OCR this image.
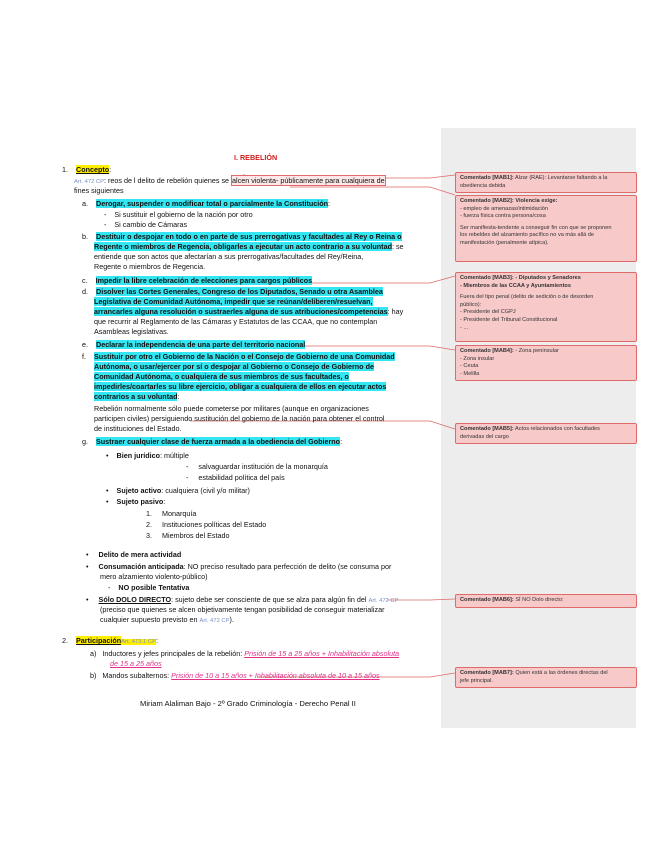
I. REBELIÓN
1. Concepto:
Art. 472 CP: reos de l delito de rebelión quienes se alcen violenta- públicamente para cualquiera de
fines siguientes
a. Derogar, suspender o modificar total o parcialmente la Constitución:
- Si sustituir el gobierno de la nación por otro
- Si cambio de Cámaras
b. Destituir o despojar en todo o en parte de sus prerrogativas y facultades al Rey o Reina o
Regente o miembros de Regencia, obligarles a ejecutar un acto contrario a su voluntad: se
entiende que son actos que afectarían a sus prerrogativas/facultades del Rey/Reina,
Regente o miembros de Regencia.
c. Impedir la libre celebración de elecciones para cargos públicos
d. Disolver las Cortes Generales, Congreso de los Diputados, Senado u otra Asamblea
Legislativa de Comunidad Autónoma, impedir que se reúnan/deliberen/resuelvan,
arrancarles alguna resolución o sustraerles alguna de sus atribuciones/competencias: hay
que recurrir al Reglamento de las Cámaras y Estatutos de las CCAA, que no contemplan
Asambleas legislativas.
e. Declarar la independencia de una parte del territorio nacional
f. Sustituir por otro el Gobierno de la Nación o el Consejo de Gobierno de una Comunidad
Autónoma, o usar/ejercer por sí o despojar al Gobierno o Consejo de Gobierno de
Comunidad Autónoma, o cualquiera de sus miembros de sus facultades, o
impedirles/coartarles su libre ejercicio, obligar a cualquiera de ellos en ejecutar actos
contrarios a su voluntad:
Rebelión normalmente sólo puede cometerse por militares (aunque en organizaciones
participen civiles) persiguiendo sustitución del gobierno de la nación para obtener el control
de instituciones del Estado.
g. Sustraer cualquier clase de fuerza armada a la obediencia del Gobierno:
• Bien jurídico: múltiple
- salvaguardar institución de la monarquía
- estabilidad política del país
• Sujeto activo: cualquiera (civil y/o militar)
• Sujeto pasivo:
1. Monarquía
2. Instituciones políticas del Estado
3. Miembros del Estado
• Delito de mera actividad
• Consumación anticipada: NO preciso resultado para perfección de delito (se consuma por
mero alzamiento violento-público)
- NO posible Tentativa
• Sólo DOLO DIRECTO: sujeto debe ser consciente de que se alza para algún fin del Art. 472 CP
(preciso que quienes se alcen objetivamente tengan posibilidad de conseguir materializar
cualquier supuesto previsto en Art. 472 CP).
2. ParticipaciónArt. 473.1 CP:
a) Inductores y jefes principales de la rebelión: Prisión de 15 a 25 años + Inhabilitación absoluta
de 15 a 25 años
b) Mandos subalternos: Prisión de 10 a 15 años + Inhabilitación absoluta de 10 a 15 años
Miriam Alaliman Bajo - 2º Grado Criminología - Derecho Penal II
Comentado [MAB1]: Alzar (RAE): Levantarse faltando a la
obediencia debida
Comentado [MAB2]: Violencia exige:
- empleo de amenazas/intimidación
- fuerza física contra persona/cosa
Ser manifiesta-tendente a conseguir fin con que se proponen
los rebeldes del alzamiento pacífico no va más allá de
manifestación (penalmente atípica).
Comentado [MAB3]: - Diputados y Senadores
- Miembros de las CCAA y Ayuntamientos
Fuera del tipo penal (delito de sedición o de desorden
público):
- Presidente del CGPJ
- Presidente del Tribunal Constitucional
- ...
Comentado [MAB4]: - Zona peninsular
- Zona insular
- Ceuta
- Melilla
Comentado [MAB5]: Actos relacionados con facultades
derivadas del cargo
Comentado [MAB6]: SÍ NO Dolo directo:
Comentado [MAB7]: Quien está a las órdenes directas del
jefe principal.
